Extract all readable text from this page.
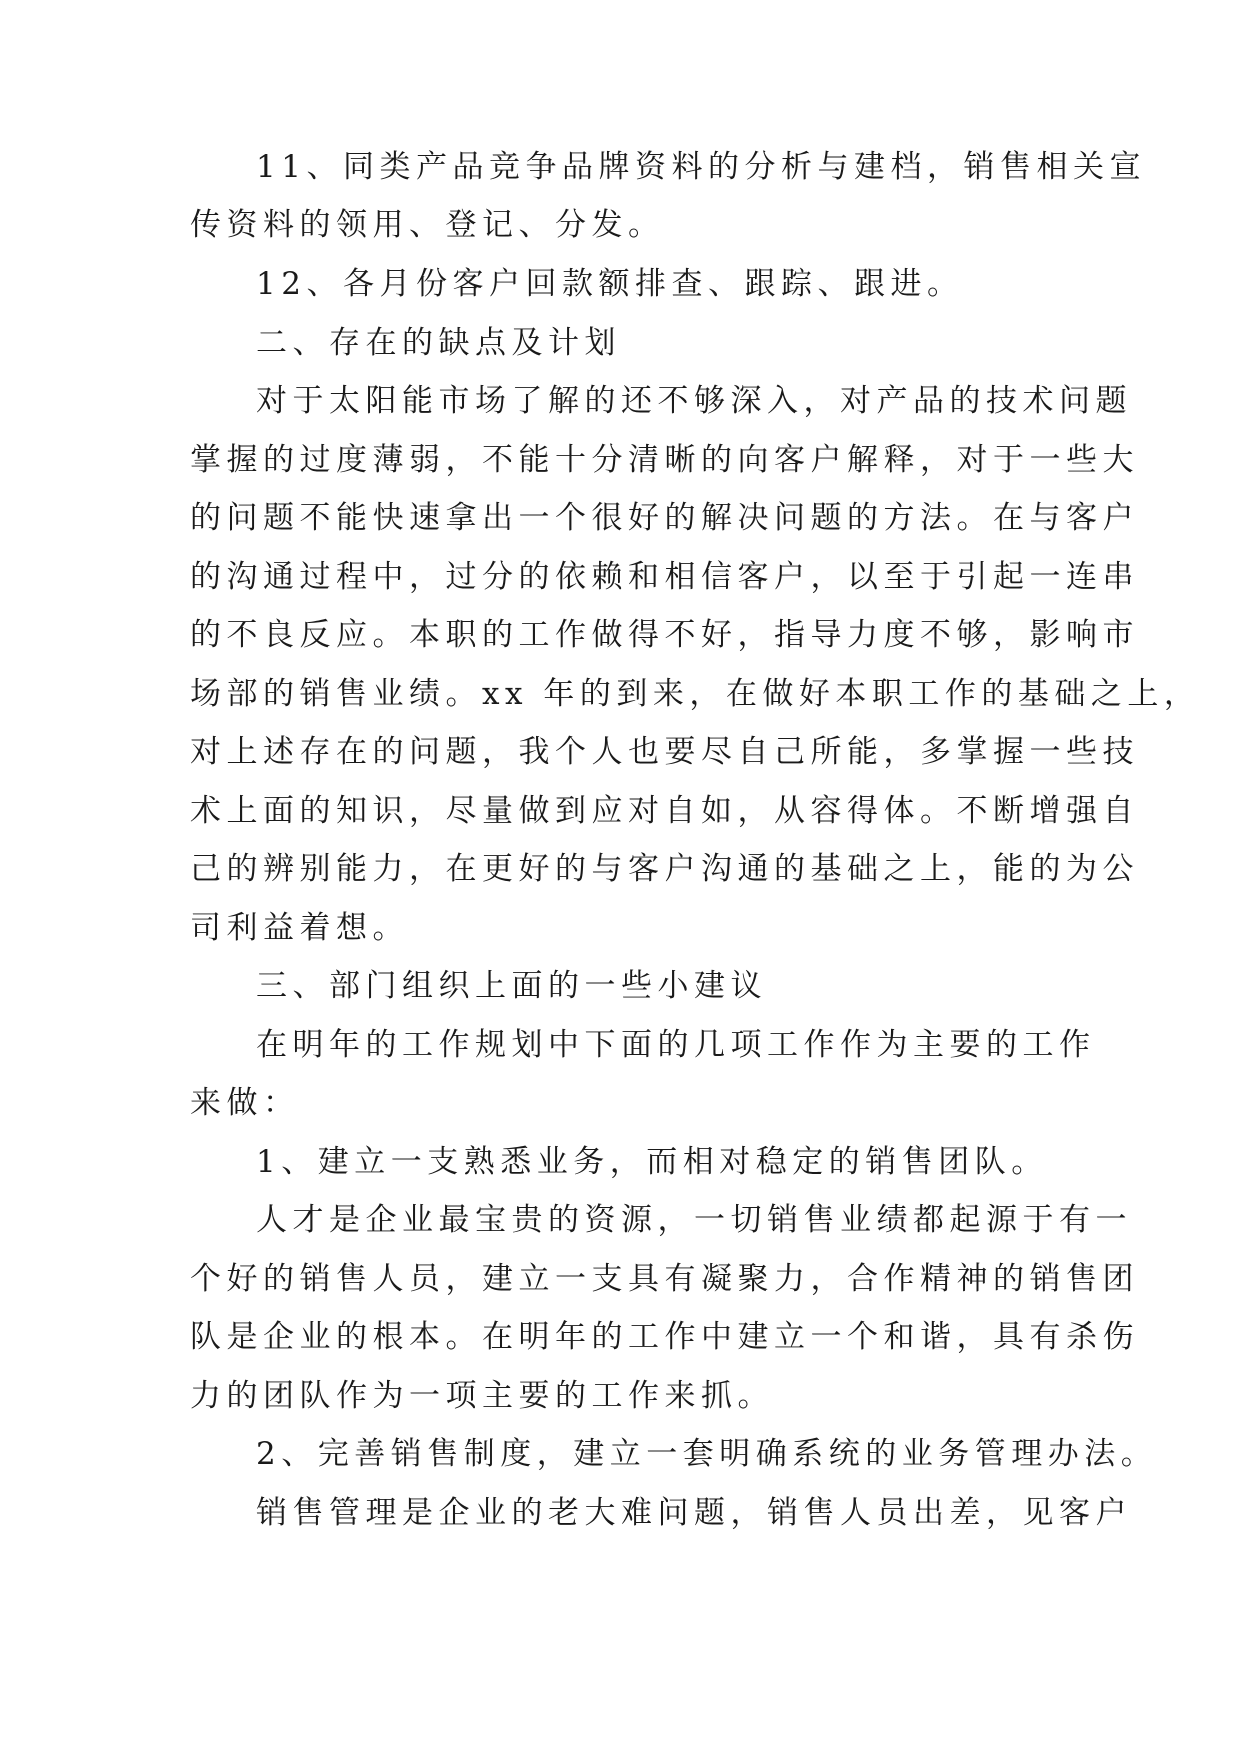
11、同类产品竞争品牌资料的分析与建档，销售相关宣
传资料的领用、登记、分发。
12、各月份客户回款额排查、跟踪、跟进。
二、存在的缺点及计划
对于太阳能市场了解的还不够深入，对产品的技术问题
掌握的过度薄弱，不能十分清晰的向客户解释，对于一些大
的问题不能快速拿出一个很好的解决问题的方法。在与客户
的沟通过程中，过分的依赖和相信客户，以至于引起一连串
的不良反应。本职的工作做得不好，指导力度不够，影响市
场部的销售业绩。xx 年的到来，在做好本职工作的基础之上，
对上述存在的问题，我个人也要尽自己所能，多掌握一些技
术上面的知识，尽量做到应对自如，从容得体。不断增强自
己的辨别能力，在更好的与客户沟通的基础之上，能的为公
司利益着想。
三、部门组织上面的一些小建议
在明年的工作规划中下面的几项工作作为主要的工作
来做：
1、建立一支熟悉业务，而相对稳定的销售团队。
人才是企业最宝贵的资源，一切销售业绩都起源于有一
个好的销售人员，建立一支具有凝聚力，合作精神的销售团
队是企业的根本。在明年的工作中建立一个和谐，具有杀伤
力的团队作为一项主要的工作来抓。
2、完善销售制度，建立一套明确系统的业务管理办法。
销售管理是企业的老大难问题，销售人员出差，见客户
